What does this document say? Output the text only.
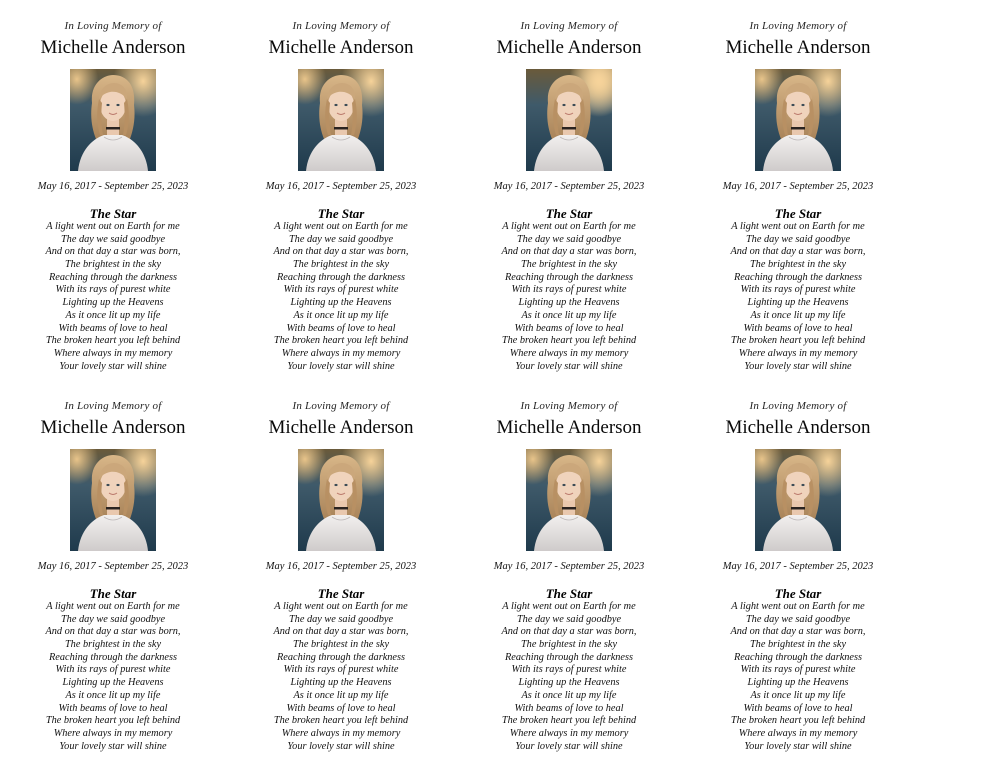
In Loving Memory of
Michelle Anderson
May 16, 2017 - September 25, 2023
The Star
A light went out on Earth for me
The day we said goodbye
And on that day a star was born,
The brightest in the sky
Reaching through the darkness
With its rays of purest white
Lighting up the Heavens
As it once lit up my life
With beams of love to heal
The broken heart you left behind
Where always in my memory
Your lovely star will shine
In Loving Memory of
Michelle Anderson
May 16, 2017 - September 25, 2023
The Star
A light went out on Earth for me
The day we said goodbye
And on that day a star was born,
The brightest in the sky
Reaching through the darkness
With its rays of purest white
Lighting up the Heavens
As it once lit up my life
With beams of love to heal
The broken heart you left behind
Where always in my memory
Your lovely star will shine
In Loving Memory of
Michelle Anderson
May 16, 2017 - September 25, 2023
The Star
A light went out on Earth for me
The day we said goodbye
And on that day a star was born,
The brightest in the sky
Reaching through the darkness
With its rays of purest white
Lighting up the Heavens
As it once lit up my life
With beams of love to heal
The broken heart you left behind
Where always in my memory
Your lovely star will shine
In Loving Memory of
Michelle Anderson
May 16, 2017 - September 25, 2023
The Star
A light went out on Earth for me
The day we said goodbye
And on that day a star was born,
The brightest in the sky
Reaching through the darkness
With its rays of purest white
Lighting up the Heavens
As it once lit up my life
With beams of love to heal
The broken heart you left behind
Where always in my memory
Your lovely star will shine
In Loving Memory of
Michelle Anderson
May 16, 2017 - September 25, 2023
The Star
A light went out on Earth for me
The day we said goodbye
And on that day a star was born,
The brightest in the sky
Reaching through the darkness
With its rays of purest white
Lighting up the Heavens
As it once lit up my life
With beams of love to heal
The broken heart you left behind
Where always in my memory
Your lovely star will shine
In Loving Memory of
Michelle Anderson
May 16, 2017 - September 25, 2023
The Star
A light went out on Earth for me
The day we said goodbye
And on that day a star was born,
The brightest in the sky
Reaching through the darkness
With its rays of purest white
Lighting up the Heavens
As it once lit up my life
With beams of love to heal
The broken heart you left behind
Where always in my memory
Your lovely star will shine
In Loving Memory of
Michelle Anderson
May 16, 2017 - September 25, 2023
The Star
A light went out on Earth for me
The day we said goodbye
And on that day a star was born,
The brightest in the sky
Reaching through the darkness
With its rays of purest white
Lighting up the Heavens
As it once lit up my life
With beams of love to heal
The broken heart you left behind
Where always in my memory
Your lovely star will shine
In Loving Memory of
Michelle Anderson
May 16, 2017 - September 25, 2023
The Star
A light went out on Earth for me
The day we said goodbye
And on that day a star was born,
The brightest in the sky
Reaching through the darkness
With its rays of purest white
Lighting up the Heavens
As it once lit up my life
With beams of love to heal
The broken heart you left behind
Where always in my memory
Your lovely star will shine
